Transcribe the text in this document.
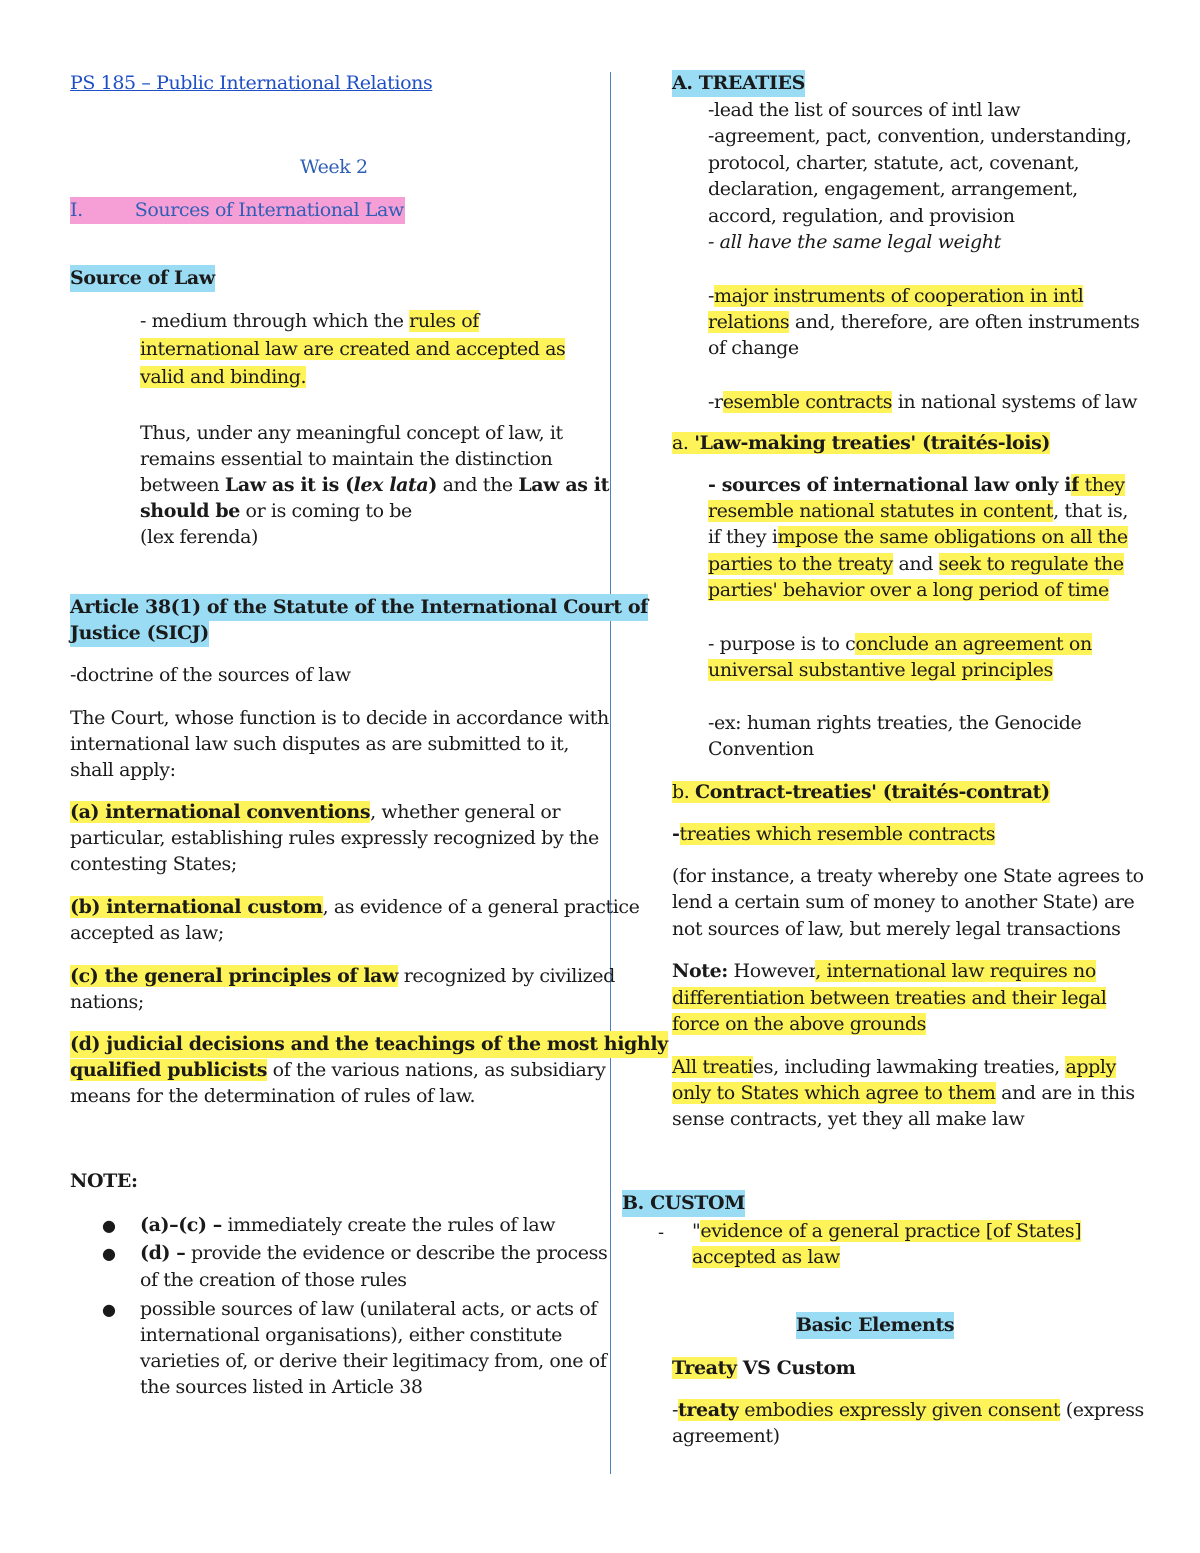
PS 185 – Public International Relations
Week 2
I.	Sources of International Law
Source of Law
- medium through which the rules of
international law are created and accepted as
valid and binding.
Thus, under any meaningful concept of law, it
remains essential to maintain the distinction
between Law as it is (lex lata) and the Law as it
should be or is coming to be
(lex ferenda)
Article 38(1) of the Statute of the International Court of
Justice (SICJ)
-doctrine of the sources of law
The Court, whose function is to decide in accordance with
international law such disputes as are submitted to it,
shall apply:
(a) international conventions, whether general or
particular, establishing rules expressly recognized by the
contesting States;
(b) international custom, as evidence of a general practice
accepted as law;
(c) the general principles of law recognized by civilized
nations;
(d) judicial decisions and the teachings of the most highly
qualified publicists of the various nations, as subsidiary
means for the determination of rules of law.
NOTE:
● (a)–(c) – immediately create the rules of law
● (d) – provide the evidence or describe the process
of the creation of those rules
● possible sources of law (unilateral acts, or acts of
international organisations), either constitute
varieties of, or derive their legitimacy from, one of
the sources listed in Article 38
A. TREATIES
-lead the list of sources of intl law
-agreement, pact, convention, understanding,
protocol, charter, statute, act, covenant,
declaration, engagement, arrangement,
accord, regulation, and provision
- all have the same legal weight
-major instruments of cooperation in intl
relations and, therefore, are often instruments
of change
-resemble contracts in national systems of law
a. 'Law-making treaties' (traités-lois)
- sources of international law only if they
resemble national statutes in content, that is,
if they impose the same obligations on all the
parties to the treaty and seek to regulate the
parties' behavior over a long period of time
- purpose is to conclude an agreement on
universal substantive legal principles
-ex: human rights treaties, the Genocide
Convention
b. Contract-treaties' (traités-contrat)
-treaties which resemble contracts
(for instance, a treaty whereby one State agrees to
lend a certain sum of money to another State) are
not sources of law, but merely legal transactions
Note: However, international law requires no
differentiation between treaties and their legal
force on the above grounds
All treaties, including lawmaking treaties, apply
only to States which agree to them and are in this
sense contracts, yet they all make law
B. CUSTOM
- "evidence of a general practice [of States]
accepted as law
Basic Elements
Treaty VS Custom
-treaty embodies expressly given consent (express
agreement)
